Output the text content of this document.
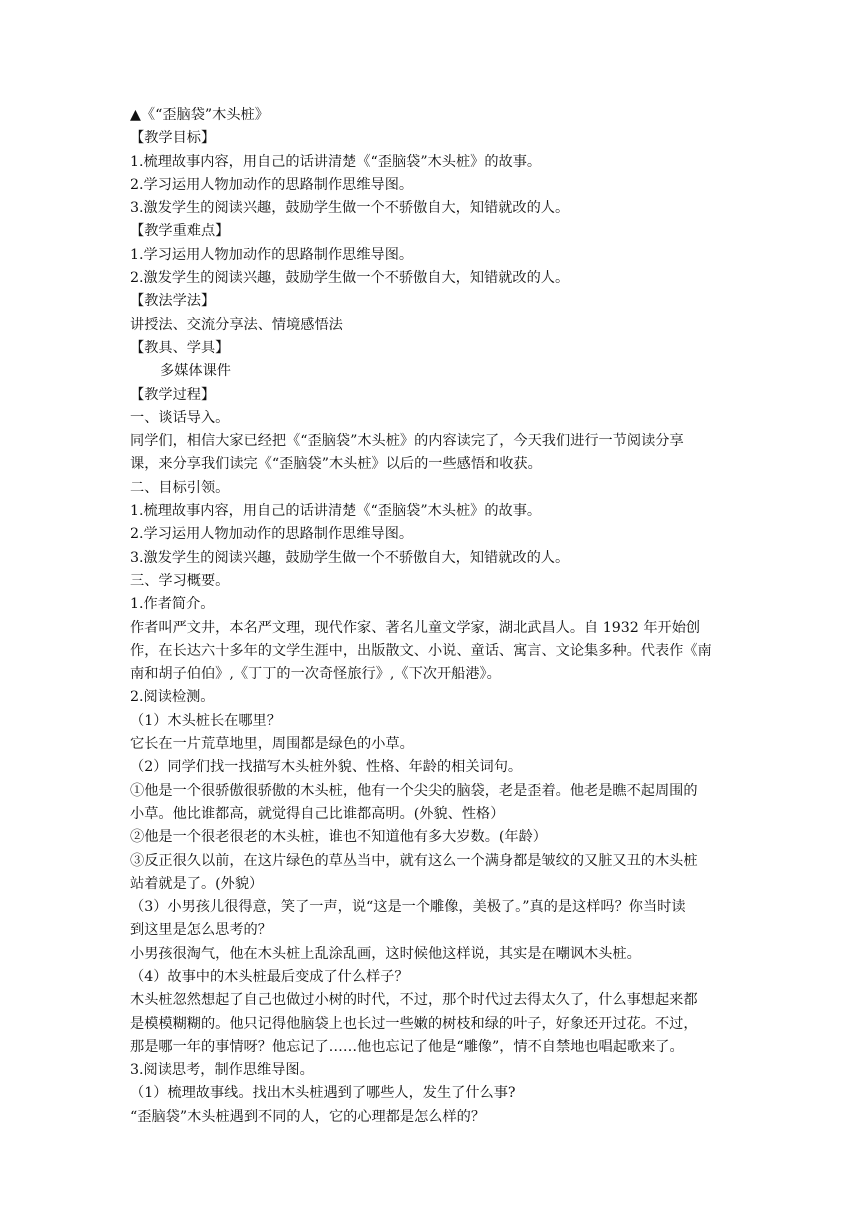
▲《“歪脑袋”木头桩》
【教学目标】
1.梳理故事内容，用自己的话讲清楚《“歪脑袋”木头桩》的故事。
2.学习运用人物加动作的思路制作思维导图。
3.激发学生的阅读兴趣，鼓励学生做一个不骄傲自大，知错就改的人。
【教学重难点】
1.学习运用人物加动作的思路制作思维导图。
2.激发学生的阅读兴趣，鼓励学生做一个不骄傲自大，知错就改的人。
【教法学法】
讲授法、交流分享法、情境感悟法
【教具、学具】
多媒体课件
【教学过程】
一、谈话导入。
同学们，相信大家已经把《“歪脑袋”木头桩》的内容读完了，今天我们进行一节阅读分享
课，来分享我们读完《“歪脑袋”木头桩》以后的一些感悟和收获。
二、目标引领。
1.梳理故事内容，用自己的话讲清楚《“歪脑袋”木头桩》的故事。
2.学习运用人物加动作的思路制作思维导图。
3.激发学生的阅读兴趣，鼓励学生做一个不骄傲自大，知错就改的人。
三、学习概要。
1.作者简介。
作者叫严文井，本名严文理，现代作家、著名儿童文学家，湖北武昌人。自 1932 年开始创
作，在长达六十多年的文学生涯中，出版散文、小说、童话、寓言、文论集多种。代表作《南
南和胡子伯伯》,《丁丁的一次奇怪旅行》,《下次开船港》。
2.阅读检测。
（1）木头桩长在哪里？
它长在一片荒草地里，周围都是绿色的小草。
（2）同学们找一找描写木头桩外貌、性格、年龄的相关词句。
①他是一个很骄傲很骄傲的木头桩，他有一个尖尖的脑袋，老是歪着。他老是瞧不起周围的
小草。他比谁都高，就觉得自己比谁都高明。(外貌、性格）
②他是一个很老很老的木头桩，谁也不知道他有多大岁数。(年龄）
③反正很久以前，在这片绿色的草丛当中，就有这么一个满身都是皱纹的又脏又丑的木头桩
站着就是了。(外貌）
（3）小男孩儿很得意，笑了一声，说“这是一个雕像，美极了。”真的是这样吗？你当时读
到这里是怎么思考的？
小男孩很淘气，他在木头桩上乱涂乱画，这时候他这样说，其实是在嘲讽木头桩。
（4）故事中的木头桩最后变成了什么样子？
木头桩忽然想起了自己也做过小树的时代，不过，那个时代过去得太久了，什么事想起来都
是模模糊糊的。他只记得他脑袋上也长过一些嫩的树枝和绿的叶子，好象还开过花。不过，
那是哪一年的事情呀？他忘记了……他也忘记了他是“雕像”，情不自禁地也唱起歌来了。
3.阅读思考，制作思维导图。
（1）梳理故事线。找出木头桩遇到了哪些人，发生了什么事?
“歪脑袋”木头桩遇到不同的人，它的心理都是怎么样的？
